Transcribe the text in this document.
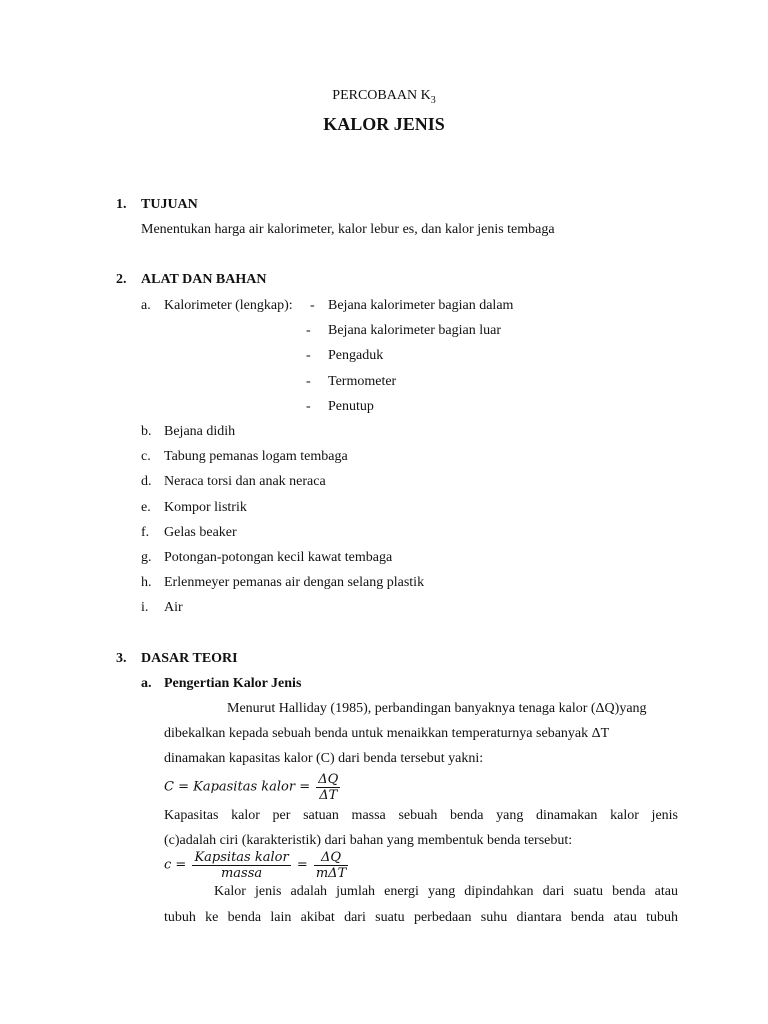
PERCOBAAN $K_3$
KALOR JENIS
1. TUJUAN
Menentukan harga air kalorimeter, kalor lebur es, dan kalor jenis tembaga
2. ALAT DAN BAHAN
a. Kalorimeter (lengkap): - Bejana kalorimeter bagian dalam
- Bejana kalorimeter bagian luar
- Pengaduk
- Termometer
- Penutup
b. Bejana didih
c. Tabung pemanas logam tembaga
d. Neraca torsi dan anak neraca
e. Kompor listrik
f. Gelas beaker
g. Potongan-potongan kecil kawat tembaga
h. Erlenmeyer pemanas air dengan selang plastik
i. Air
3. DASAR TEORI
a. Pengertian Kalor Jenis
Menurut Halliday (1985), perbandingan banyaknya tenaga kalor (ΔQ)yang
dibekalkan kepada sebuah benda untuk menaikkan temperaturnya sebanyak ΔT
dinamakan kapasitas kalor (C) dari benda tersebut yakni:
C = Kapasitas kalor = $\frac{\Delta Q}{\Delta T}$
Kapasitas kalor per satuan massa sebuah benda yang dinamakan kalor jenis
(c)adalah ciri (karakteristik) dari bahan yang membentuk benda tersebut:
$c = \frac{\text{Kapsitas kalor}}{\text{massa}} = \frac{\Delta Q}{\text{mΔT}}$
Kalor jenis adalah jumlah energi yang dipindahkan dari suatu benda atau
tubuh ke benda lain akibat dari suatu perbedaan suhu diantara benda atau tubuh
